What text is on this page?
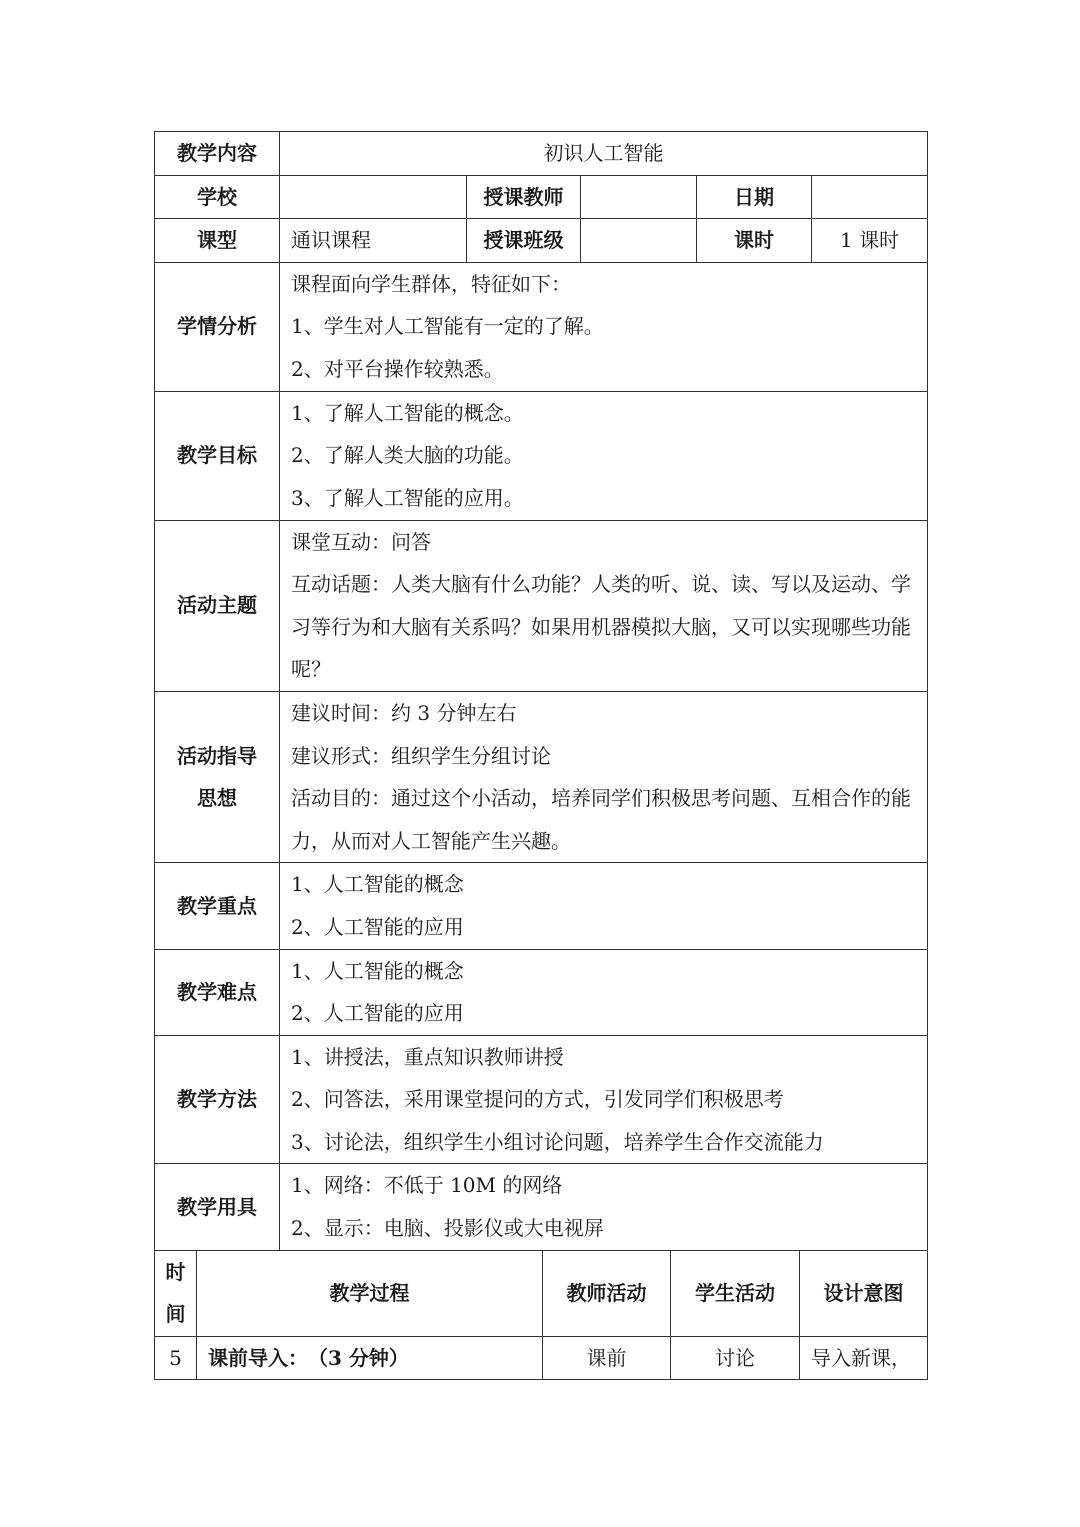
教学内容	初识人工智能				
学校		授课教师		日期	
课型	通识课程	授课班级		课时	1 课时

学情分析	课程面向学生群体，特征如下：
1、学生对人工智能有一定的了解。
2、对平台操作较熟悉。				

教学目标	1、了解人工智能的概念。
2、了解人类大脑的功能。
3、了解人工智能的应用。				

活动主题	课堂互动：问答
互动话题：人类大脑有什么功能？人类的听、说、读、写以及运动、学习等行为和大脑有关系吗？如果用机器模拟大脑，又可以实现哪些功能呢？				

活动指导
思想	建议时间：约 3 分钟左右
建议形式：组织学生分组讨论
活动目的：通过这个小活动，培养同学们积极思考问题、互相合作的能力，从而对人工智能产生兴趣。				

教学重点	1、人工智能的概念
2、人工智能的应用				

教学难点	1、人工智能的概念
2、人工智能的应用				

教学方法	1、讲授法，重点知识教师讲授
2、问答法，采用课堂提问的方式，引发同学们积极思考
3、讨论法，组织学生小组讨论问题，培养学生合作交流能力				

教学用具	1、网络：不低于 10M 的网络
2、显示：电脑、投影仪或大电视屏				
时
间	教学过程	教师活动	学生活动	设计意图
5	课前导入：　（3 分钟）	课前	讨论	导入新课，
